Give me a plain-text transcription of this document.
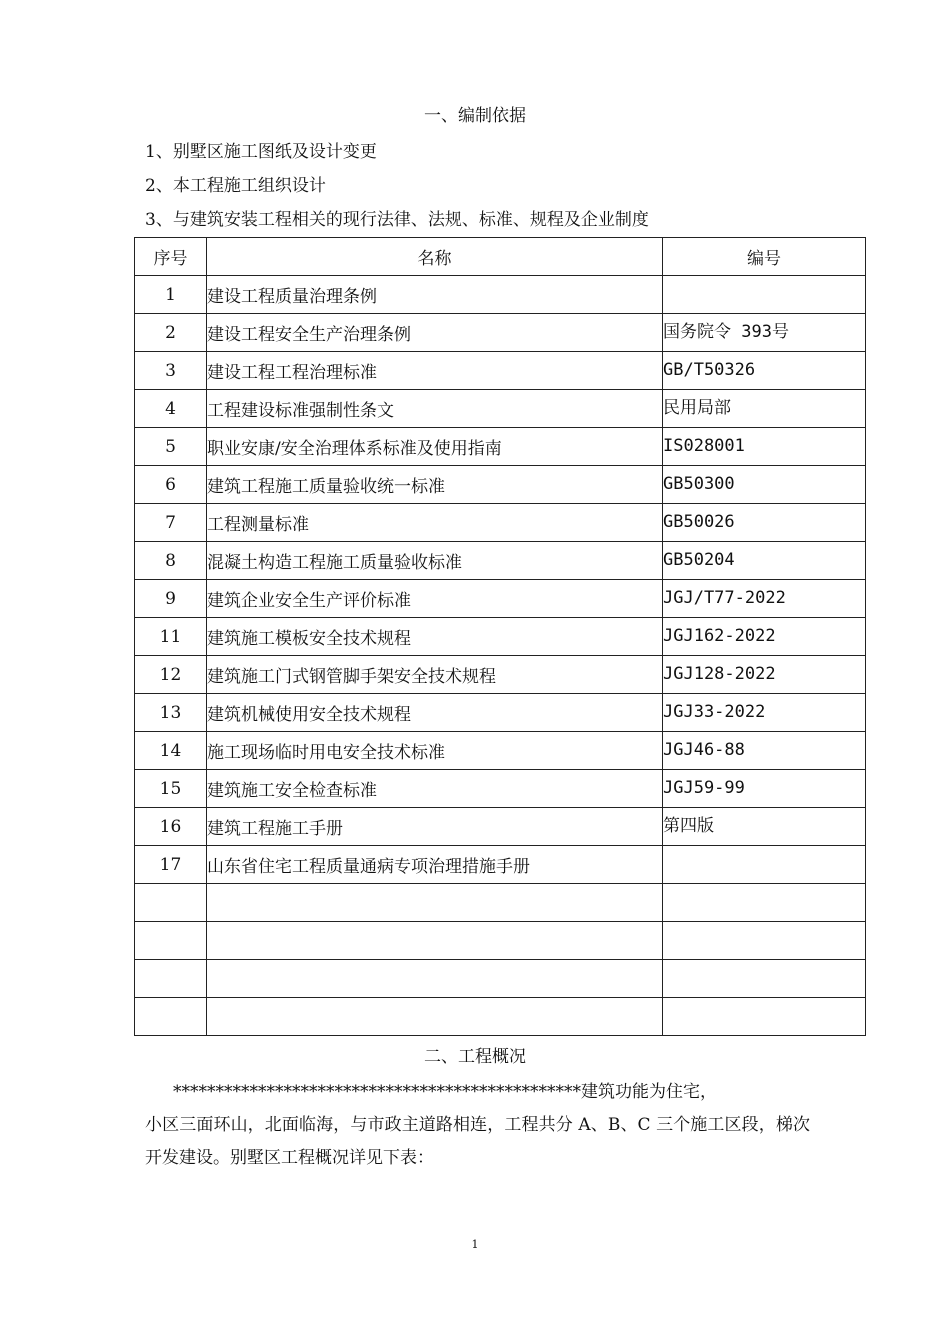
一、编制依据
1、别墅区施工图纸及设计变更
2、本工程施工组织设计
3、与建筑安装工程相关的现行法律、法规、标准、规程及企业制度
序号	名称	编号
1	建设工程质量治理条例	
2	建设工程安全生产治理条例	国务院令 393号
3	建设工程工程治理标准	GB/T50326
4	工程建设标准强制性条文	民用局部
5	职业安康/安全治理体系标准及使用指南	IS028001
6	建筑工程施工质量验收统一标准	GB50300
7	工程测量标准	GB50026
8	混凝土构造工程施工质量验收标准	GB50204
9	建筑企业安全生产评价标准	JGJ/T77-2022
11	建筑施工模板安全技术规程	JGJ162-2022
12	建筑施工门式钢管脚手架安全技术规程	JGJ128-2022
13	建筑机械使用安全技术规程	JGJ33-2022
14	施工现场临时用电安全技术标准	JGJ46-88
15	建筑施工安全检查标准	JGJ59-99
16	建筑工程施工手册	第四版
17	山东省住宅工程质量通病专项治理措施手册	

二、工程概况
************************************************建筑功能为住宅，
小区三面环山，北面临海，与市政主道路相连，工程共分 A、B、C 三个施工区段，梯次开发建设。别墅区工程概况详见下表：
1
